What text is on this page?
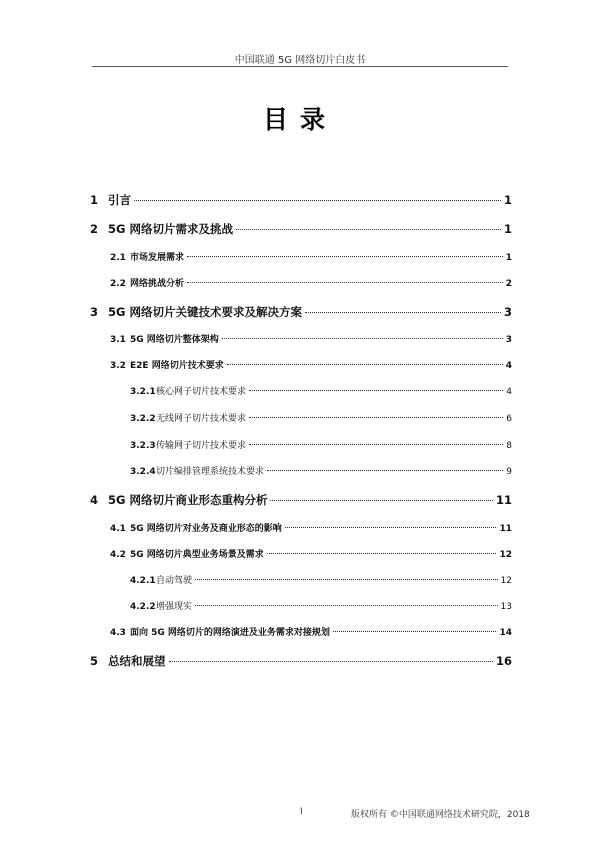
中国联通 5G 网络切片白皮书
目录
1 引言	1
2 5G 网络切片需求及挑战	1
2.1 市场发展需求	1
2.2 网络挑战分析	2
3 5G 网络切片关键技术要求及解决方案	3
3.1 5G 网络切片整体架构	3
3.2 E2E 网络切片技术要求	4
3.2.1 核心网子切片技术要求	4
3.2.2 无线网子切片技术要求	6
3.2.3 传输网子切片技术要求	8
3.2.4 切片编排管理系统技术要求	9
4 5G 网络切片商业形态重构分析	11
4.1 5G 网络切片对业务及商业形态的影响	11
4.2 5G 网络切片典型业务场景及需求	12
4.2.1 自动驾驶	12
4.2.2 增强现实	13
4.3 面向 5G 网络切片的网络演进及业务需求对接规划	14
5 总结和展望	16
I	版权所有 ©中国联通网络技术研究院，2018
